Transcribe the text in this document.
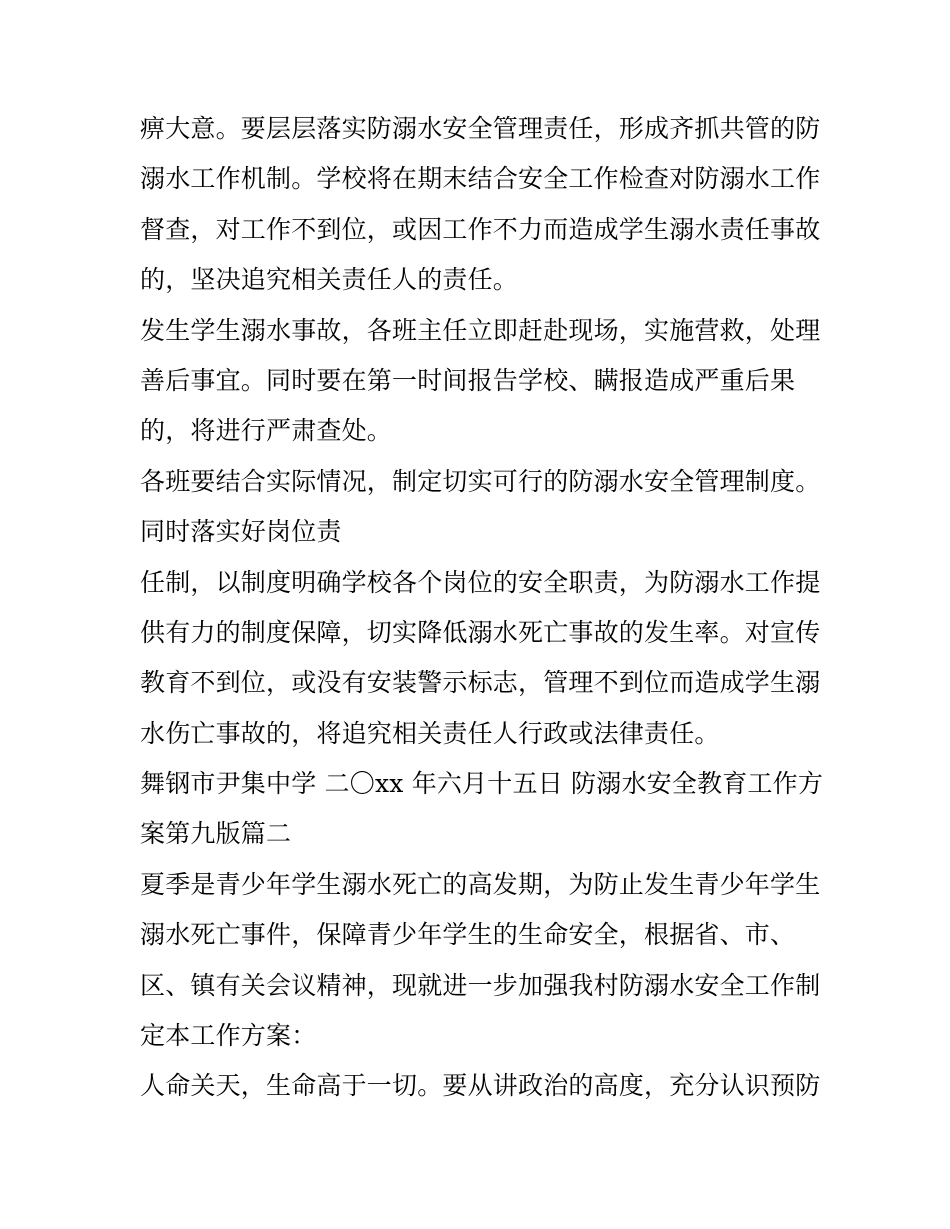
痹大意。要层层落实防溺水安全管理责任，形成齐抓共管的防
溺水工作机制。学校将在期末结合安全工作检查对防溺水工作
督查，对工作不到位，或因工作不力而造成学生溺水责任事故
的，坚决追究相关责任人的责任。
发生学生溺水事故，各班主任立即赶赴现场，实施营救，处理
善后事宜。同时要在第一时间报告学校、瞒报造成严重后果
的，将进行严肃查处。
各班要结合实际情况，制定切实可行的防溺水安全管理制度。
同时落实好岗位责
任制，以制度明确学校各个岗位的安全职责，为防溺水工作提
供有力的制度保障，切实降低溺水死亡事故的发生率。对宣传
教育不到位，或没有安装警示标志，管理不到位而造成学生溺
水伤亡事故的，将追究相关责任人行政或法律责任。
舞钢市尹集中学 二〇xx 年六月十五日 防溺水安全教育工作方
案第九版篇二
夏季是青少年学生溺水死亡的高发期，为防止发生青少年学生
溺水死亡事件，保障青少年学生的生命安全，根据省、市、
区、镇有关会议精神，现就进一步加强我村防溺水安全工作制
定本工作方案：
人命关天，生命高于一切。要从讲政治的高度，充分认识预防
